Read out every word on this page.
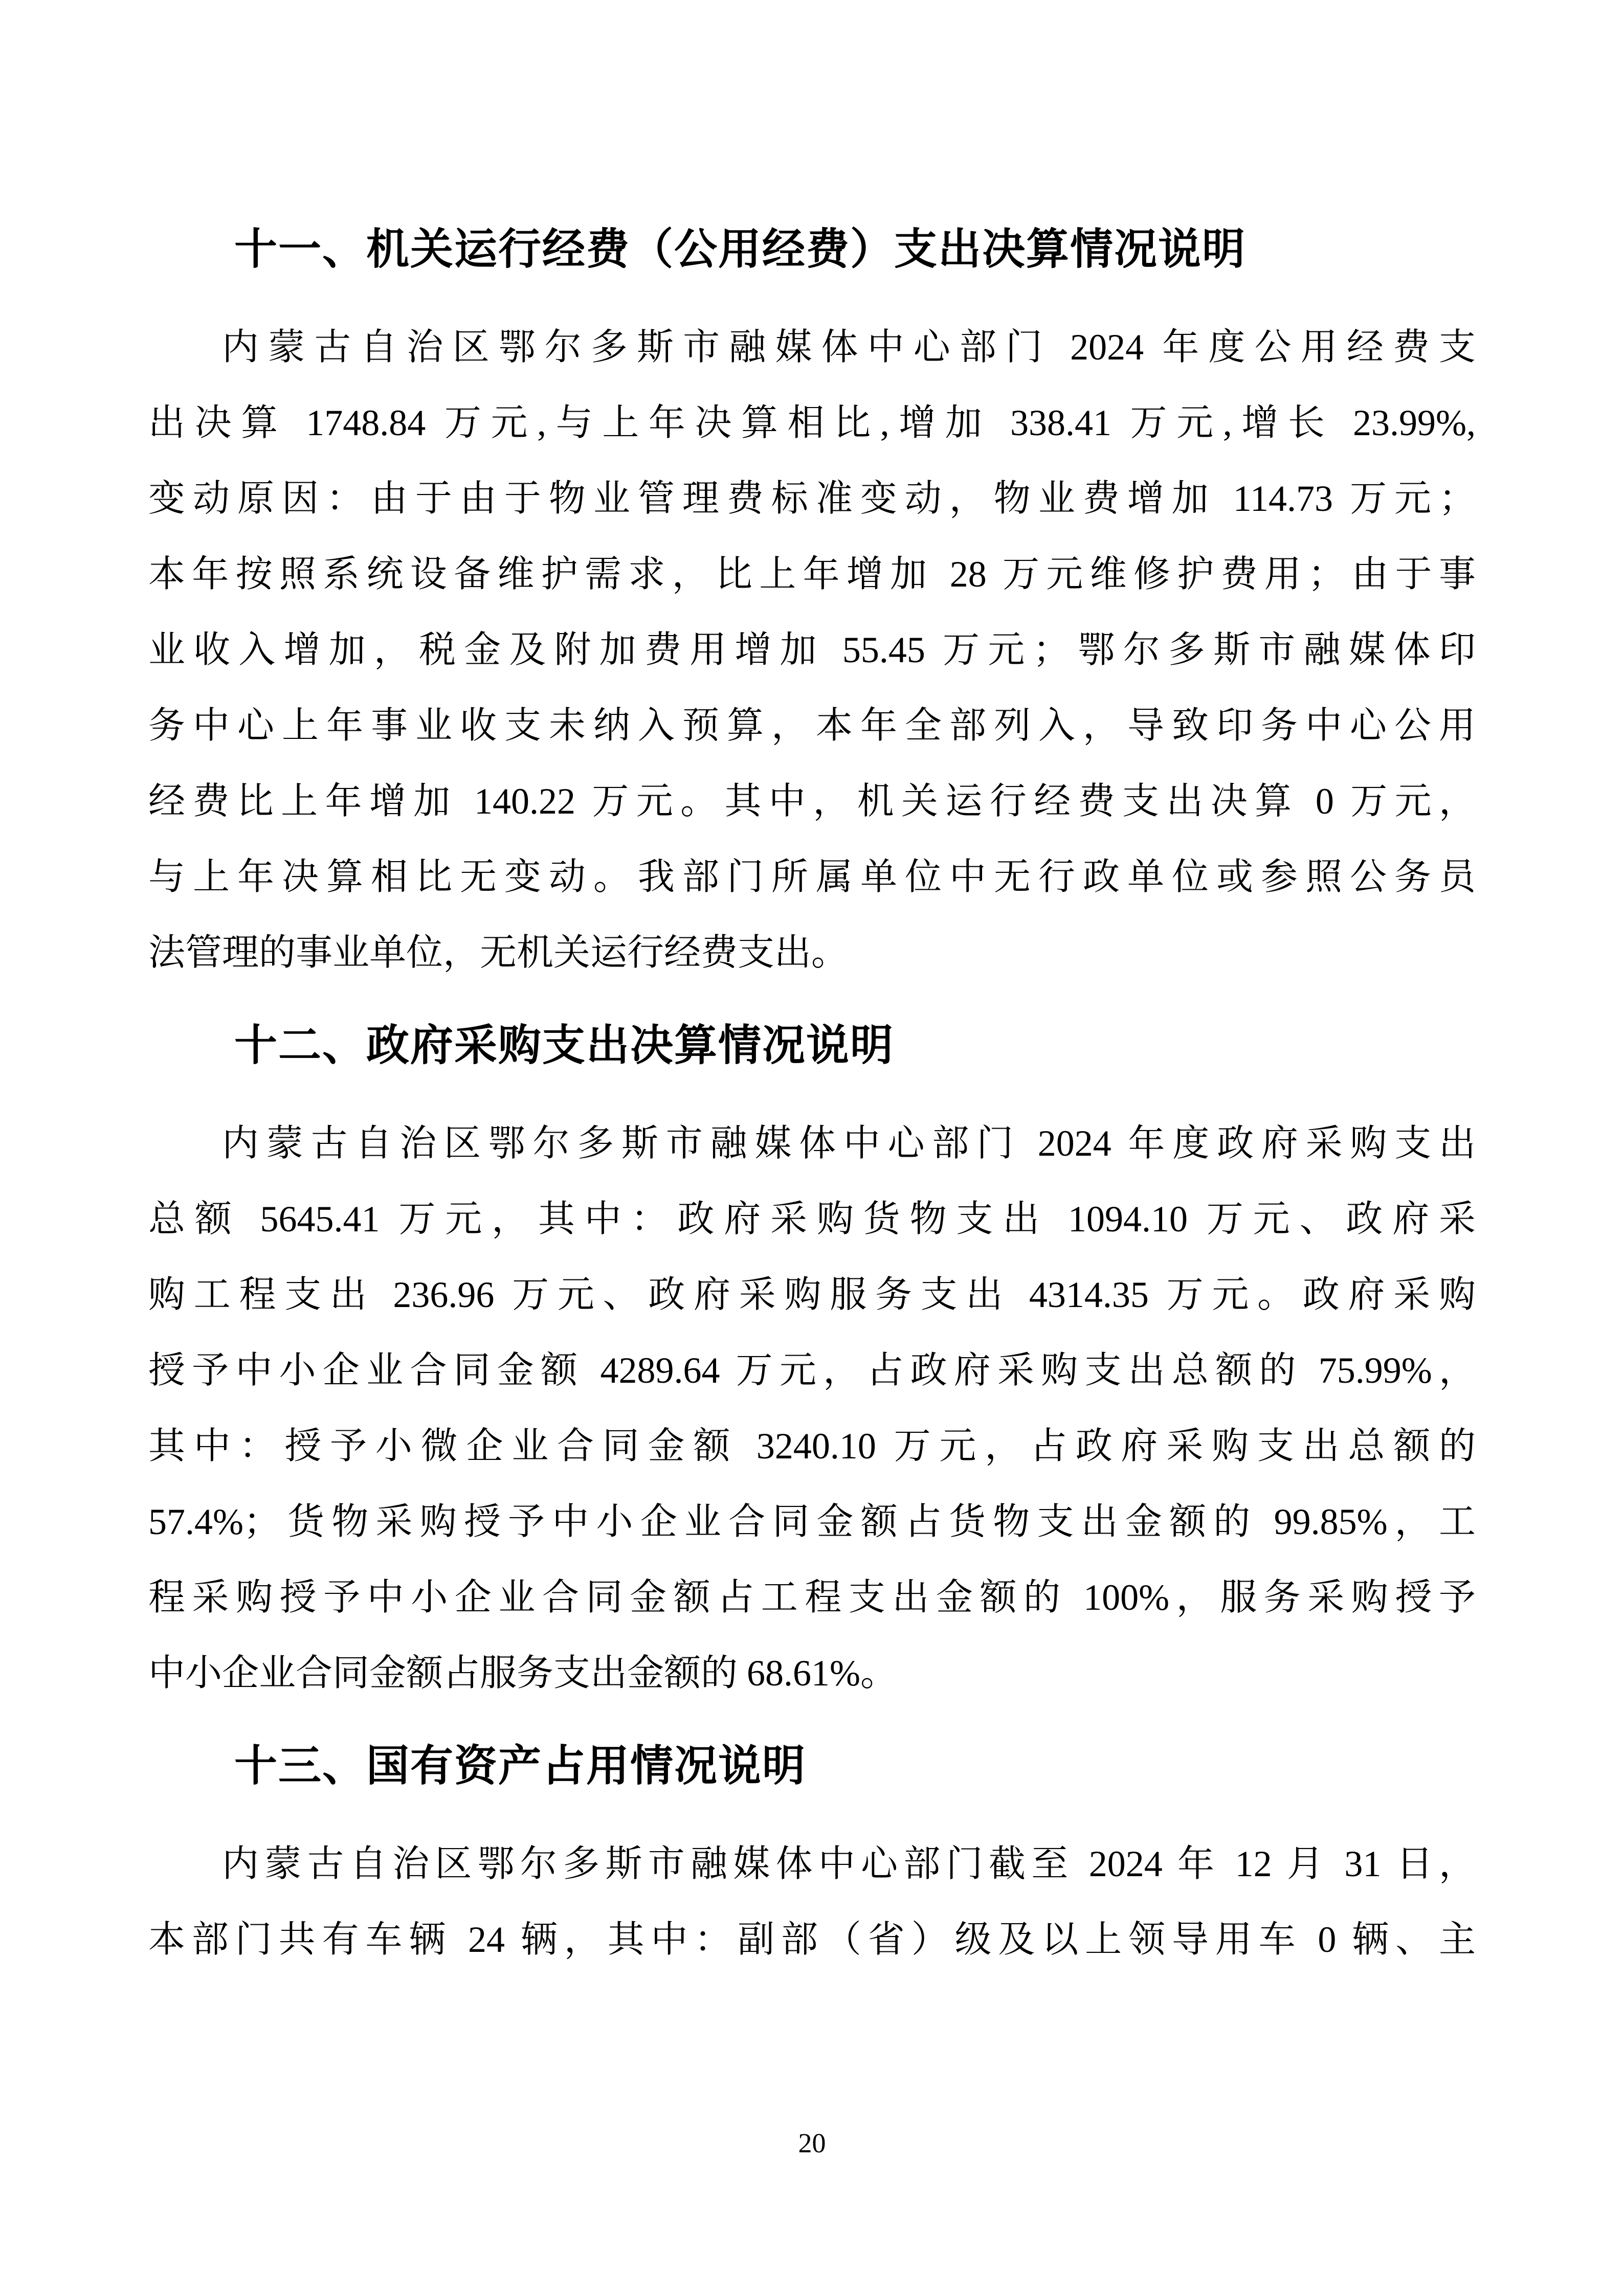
十一、机关运行经费（公用经费）支出决算情况说明
内蒙古自治区鄂尔多斯市融媒体中心部门 2024 年度公用经费支
出决算 1748.84 万元,与上年决算相比,增加 338.41 万元,增长 23.99%,
变动原因：由于由于物业管理费标准变动，物业费增加 114.73 万元；
本年按照系统设备维护需求，比上年增加 28 万元维修护费用；由于事
业收入增加，税金及附加费用增加 55.45 万元；鄂尔多斯市融媒体印
务中心上年事业收支未纳入预算，本年全部列入，导致印务中心公用
经费比上年增加 140.22 万元。其中，机关运行经费支出决算 0 万元，
与上年决算相比无变动。我部门所属单位中无行政单位或参照公务员
法管理的事业单位，无机关运行经费支出。
十二、政府采购支出决算情况说明
内蒙古自治区鄂尔多斯市融媒体中心部门 2024 年度政府采购支出
总额 5645.41 万元，其中：政府采购货物支出 1094.10 万元、政府采
购工程支出 236.96 万元、政府采购服务支出 4314.35 万元。政府采购
授予中小企业合同金额 4289.64 万元，占政府采购支出总额的 75.99%，
其中：授予小微企业合同金额 3240.10 万元，占政府采购支出总额的
57.4%；货物采购授予中小企业合同金额占货物支出金额的 99.85%，工
程采购授予中小企业合同金额占工程支出金额的 100%，服务采购授予
中小企业合同金额占服务支出金额的 68.61%。
十三、国有资产占用情况说明
内蒙古自治区鄂尔多斯市融媒体中心部门截至 2024 年 12 月 31 日，
本部门共有车辆 24 辆，其中：副部（省）级及以上领导用车 0 辆、主
20
